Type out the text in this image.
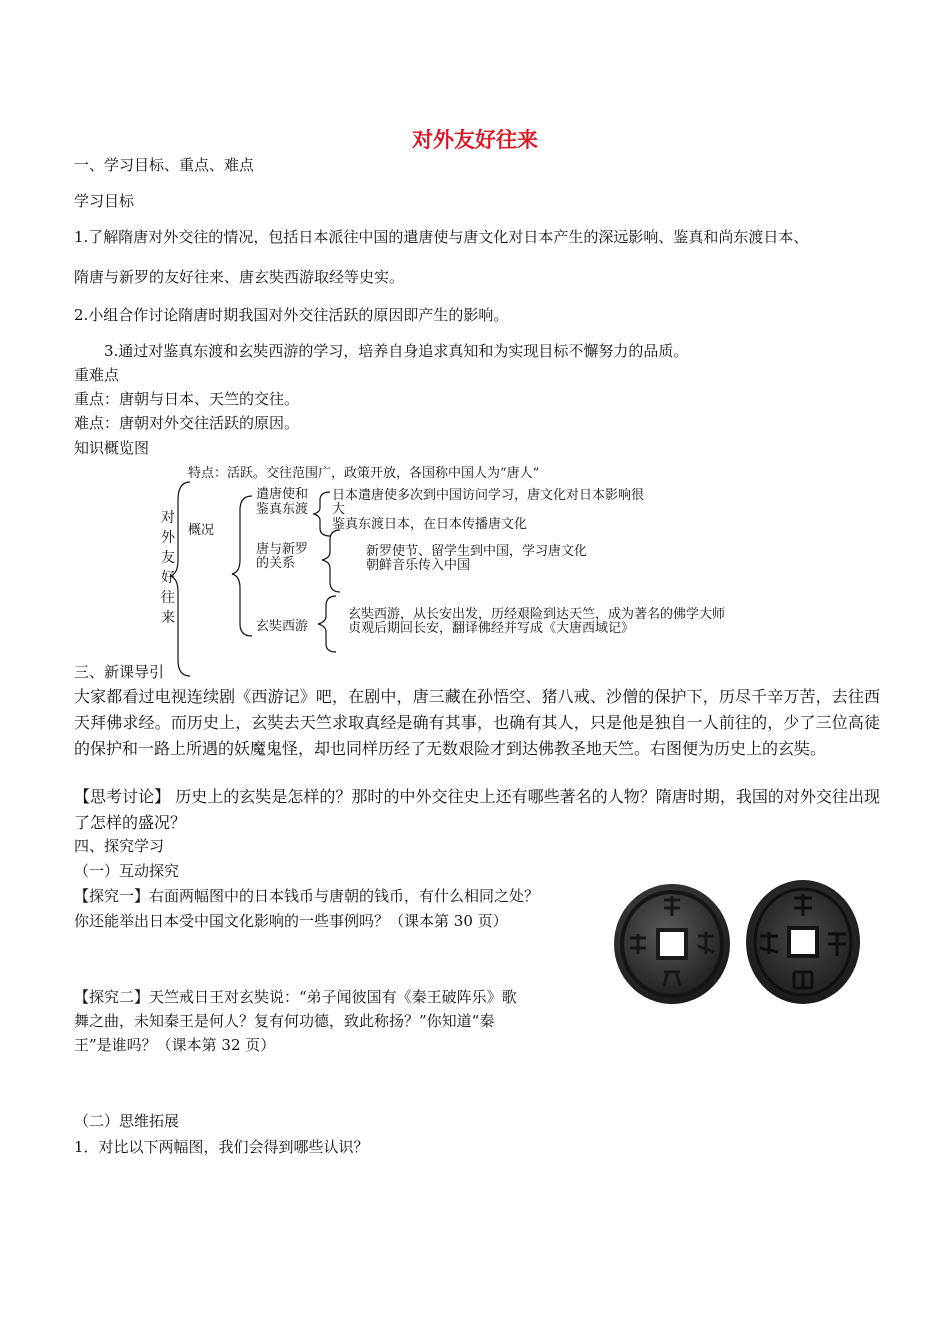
对外友好往来
一、学习目标、重点、难点
学习目标
1.了解隋唐对外交往的情况，包括日本派往中国的遣唐使与唐文化对日本产生的深远影响、鉴真和尚东渡日本、
隋唐与新罗的友好往来、唐玄奘西游取经等史实。
2.小组合作讨论隋唐时期我国对外交往活跃的原因即产生的影响。
3.通过对鉴真东渡和玄奘西游的学习，培养自身追求真知和为实现目标不懈努力的品质。
重难点
重点：唐朝与日本、天竺的交往。
难点：唐朝对外交往活跃的原因。
知识概览图
特点：活跃。交往范围广，政策开放，各国称中国人为“唐人”
对外友好往来
概况
遣唐使和
鉴真东渡
日本遣唐使多次到中国访问学习，唐文化对日本影响很
大
鉴真东渡日本，在日本传播唐文化
唐与新罗
的关系
新罗使节、留学生到中国，学习唐文化
朝鲜音乐传入中国
玄奘西游
玄奘西游，从长安出发，历经艰险到达天竺，成为著名的佛学大师
贞观后期回长安，翻译佛经并写成《大唐西域记》
三、新课导引
大家都看过电视连续剧《西游记》吧，在剧中，唐三藏在孙悟空、猪八戒、沙僧的保护下，历尽千辛万苦，去往西天拜佛求经。而历史上，玄奘去天竺求取真经是确有其事，也确有其人，只是他是独自一人前往的，少了三位高徒的保护和一路上所遇的妖魔鬼怪，却也同样历经了无数艰险才到达佛教圣地天竺。右图便为历史上的玄奘。
【思考讨论】 历史上的玄奘是怎样的？那时的中外交往史上还有哪些著名的人物？隋唐时期，我国的对外交往出现了怎样的盛况？
四、探究学习
（一）互动探究
【探究一】右面两幅图中的日本钱币与唐朝的钱币，有什么相同之处？
你还能举出日本受中国文化影响的一些事例吗？（课本第 30 页）
【探究二】天竺戒日王对玄奘说：“弟子闻彼国有《秦王破阵乐》歌
舞之曲，未知秦王是何人？复有何功德，致此称扬？”你知道“秦
王”是谁吗？（课本第 32 页）
（二）思维拓展
1．对比以下两幅图，我们会得到哪些认识？
